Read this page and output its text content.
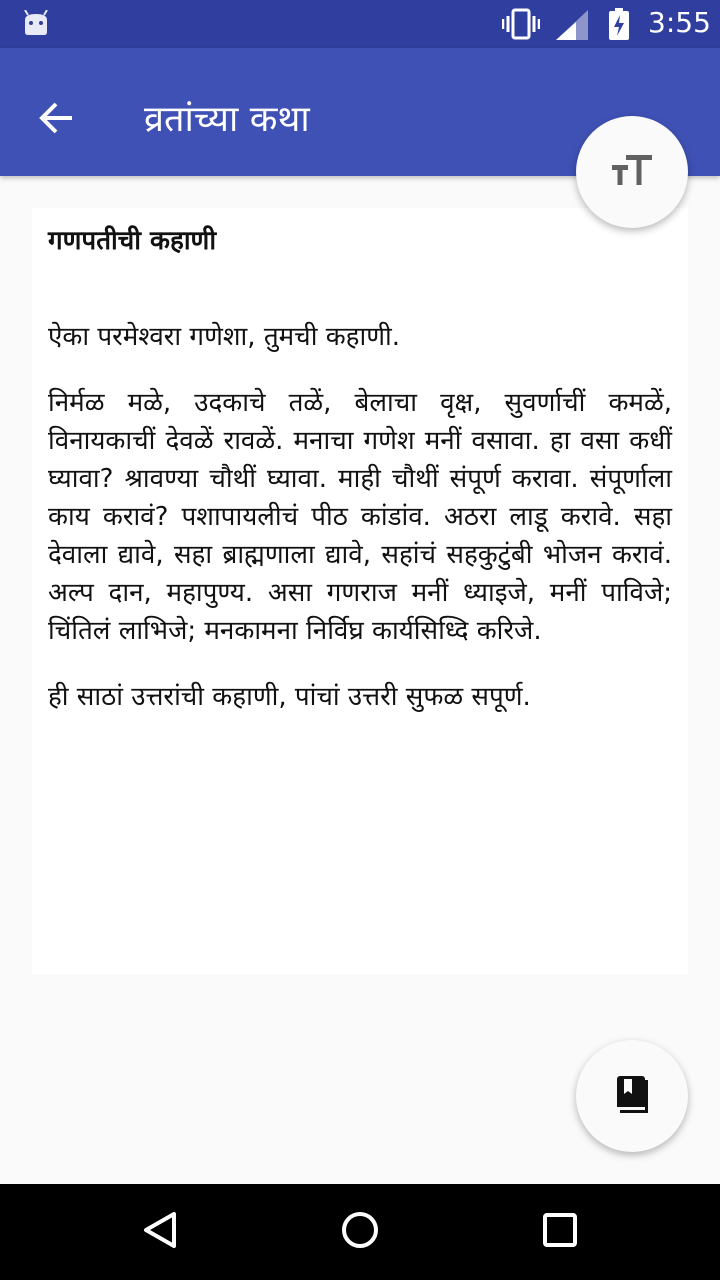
3:55
व्रतांच्या कथा
गणपतीची कहाणी

ऐका परमेश्वरा गणेशा, तुमची कहाणी.

निर्मळ मळे, उदकाचे तळें, बेलाचा वृक्ष, सुवर्णाचीं कमळें, विनायकाचीं देवळें रावळें. मनाचा गणेश मनीं वसावा. हा वसा कधीं घ्यावा? श्रावण्या चौथीं घ्यावा. माही चौथीं संपूर्ण करावा. संपूर्णाला काय करावं? पशापायलीचं पीठ कांडांव. अठरा लाडू करावे. सहा देवाला द्यावे, सहा ब्राह्मणाला द्यावे, सहांचं सहकुटुंबी भोजन करावं. अल्प दान, महापुण्य. असा गणराज मनीं ध्याइजे, मनीं पाविजे; चिंतिलं लाभिजे; मनकामना निर्विघ्र कार्यसिध्दि करिजे.

ही साठां उत्तरांची कहाणी, पांचां उत्तरी सुफळ सपूर्ण.
